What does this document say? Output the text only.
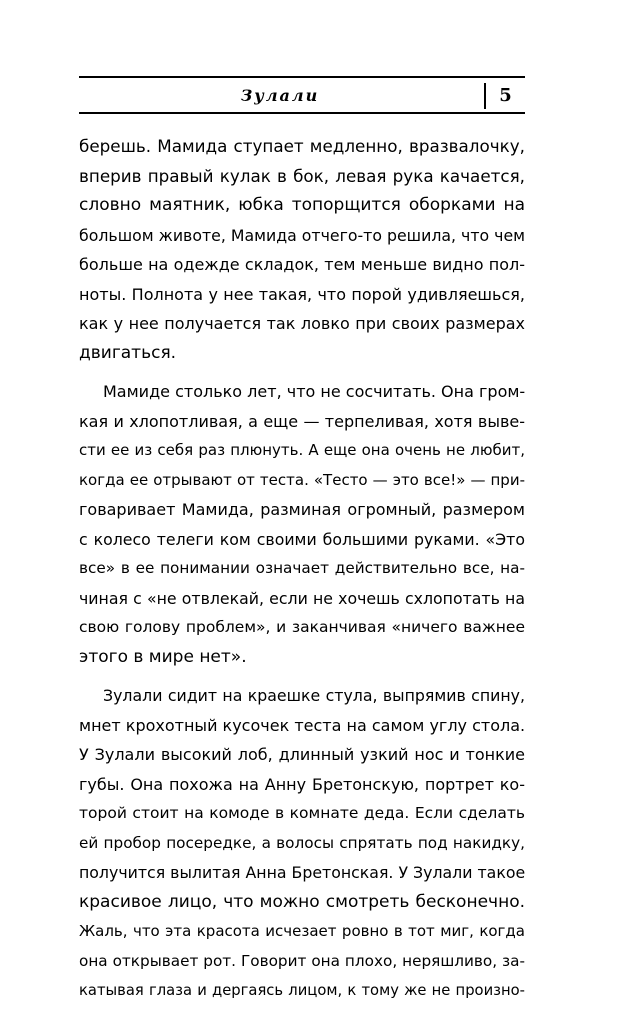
Зулали	5
берешь. Мамида ступает медленно, вразвалочку,
вперив правый кулак в бок, левая рука качается,
словно маятник, юбка топорщится оборками на
большом животе, Мамида отчего-то решила, что чем
больше на одежде складок, тем меньше видно пол-
ноты. Полнота у нее такая, что порой удивляешься,
как у нее получается так ловко при своих размерах
двигаться.
Мамиде столько лет, что не сосчитать. Она гром-
кая и хлопотливая, а еще — терпеливая, хотя выве-
сти ее из себя раз плюнуть. А еще она очень не любит,
когда ее отрывают от теста. «Тесто — это все!» — при-
говаривает Мамида, разминая огромный, размером
с колесо телеги ком своими большими руками. «Это
все» в ее понимании означает действительно все, на-
чиная с «не отвлекай, если не хочешь схлопотать на
свою голову проблем», и заканчивая «ничего важнее
этого в мире нет».
Зулали сидит на краешке стула, выпрямив спину,
мнет крохотный кусочек теста на самом углу стола.
У Зулали высокий лоб, длинный узкий нос и тонкие
губы. Она похожа на Анну Бретонскую, портрет ко-
торой стоит на комоде в комнате деда. Если сделать
ей пробор посередке, а волосы спрятать под накидку,
получится вылитая Анна Бретонская. У Зулали такое
красивое лицо, что можно смотреть бесконечно.
Жаль, что эта красота исчезает ровно в тот миг, когда
она открывает рот. Говорит она плохо, неряшливо, за-
катывая глаза и дергаясь лицом, к тому же не произно-
